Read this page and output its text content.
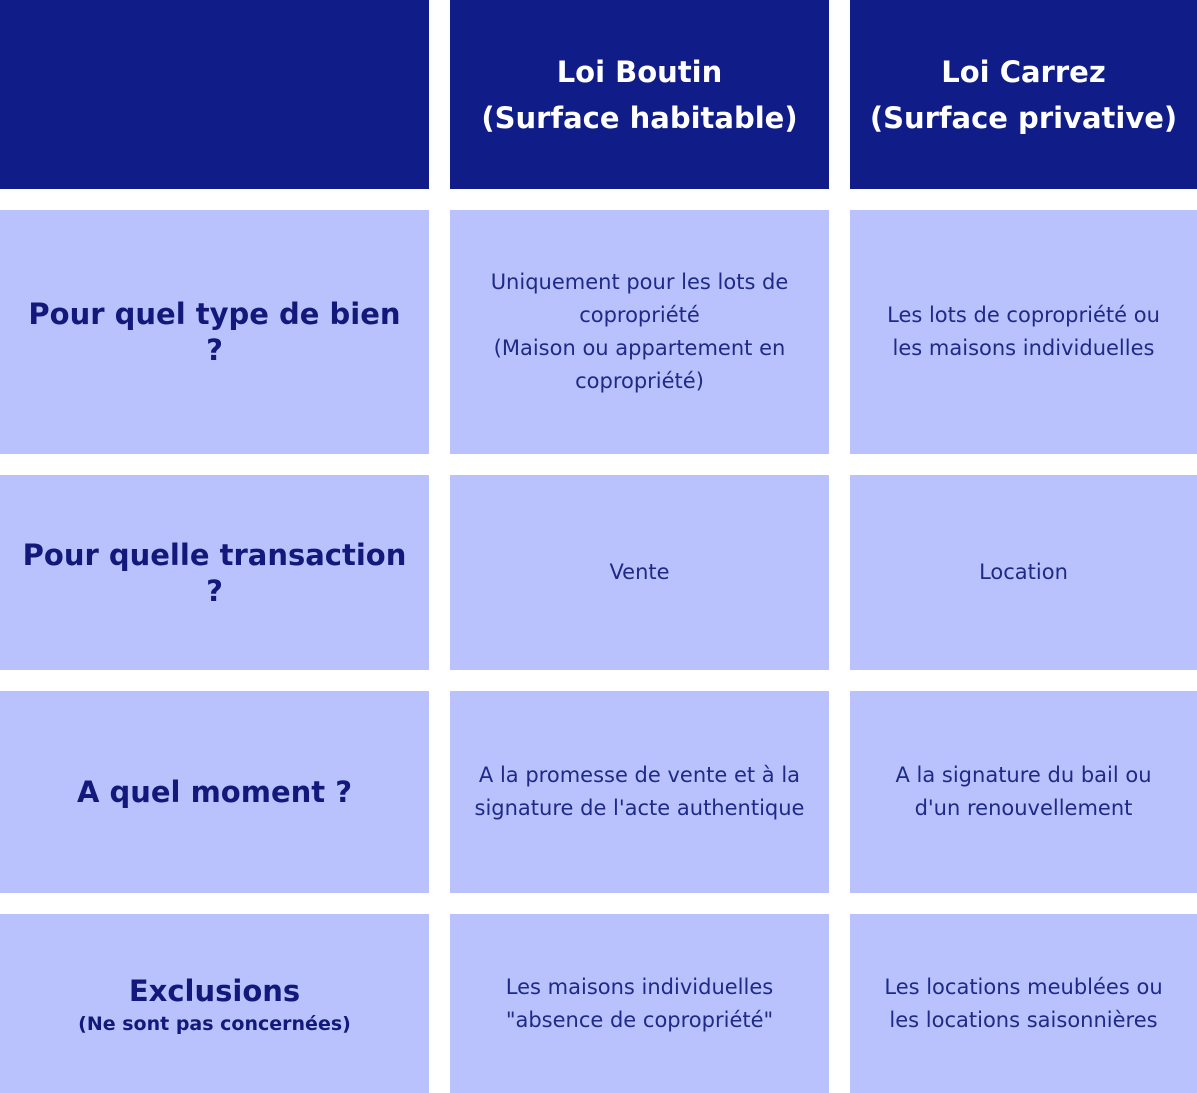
Loi Boutin
(Surface habitable)
Loi Carrez
(Surface privative)
Pour quel type de bien ?
Uniquement pour les lots de
copropriété
(Maison ou appartement en
copropriété)
Les lots de copropriété ou
les maisons individuelles
Pour quelle transaction ?
Vente	Location
A quel moment ?	A la promesse de vente et à la
signature de l'acte authentique
A la signature du bail ou
d'un renouvellement
Exclusions
(Ne sont pas concernées)
Les maisons individuelles
"absence de copropriété"
Les locations meublées ou
les locations saisonnières
